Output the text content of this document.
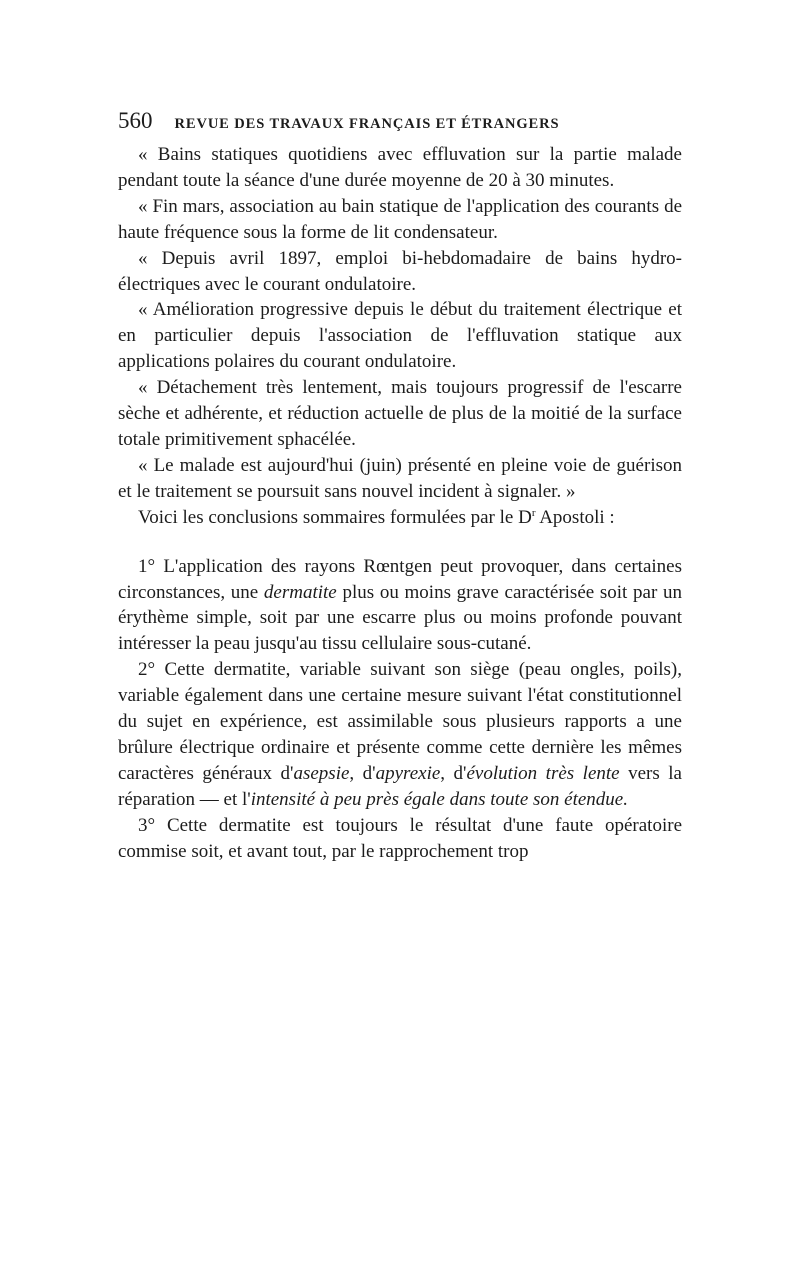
560 REVUE DES TRAVAUX FRANÇAIS ET ÉTRANGERS

« Bains statiques quotidiens avec effluvation sur la partie malade pendant toute la séance d'une durée moyenne de 20 à 30 minutes.

« Fin mars, association au bain statique de l'application des courants de haute fréquence sous la forme de lit condensateur.

« Depuis avril 1897, emploi bi-hebdomadaire de bains hydro-électriques avec le courant ondulatoire.

« Amélioration progressive depuis le début du traitement électrique et en particulier depuis l'association de l'effluvation statique aux applications polaires du courant ondulatoire.

« Détachement très lentement, mais toujours progressif de l'escarre sèche et adhérente, et réduction actuelle de plus de la moitié de la surface totale primitivement sphacélée.

« Le malade est aujourd'hui (juin) présenté en pleine voie de guérison et le traitement se poursuit sans nouvel incident à signaler. »

Voici les conclusions sommaires formulées par le $D^r$ Apostoli :

1° L'application des rayons Rœntgen peut provoquer, dans certaines circonstances, une dermatite plus ou moins grave caractérisée soit par un érythème simple, soit par une escarre plus ou moins profonde pouvant intéresser la peau jusqu'au tissu cellulaire sous-cutané.

2° Cette dermatite, variable suivant son siège (peau ongles, poils), variable également dans une certaine mesure suivant l'état constitutionnel du sujet en expérience, est assimilable sous plusieurs rapports a une brûlure électrique ordinaire et présente comme cette dernière les mêmes caractères généraux d'asepsie, d'apyrexie, d'évolution très lente vers la réparation — et l'intensité à peu près égale dans toute son étendue.

3° Cette dermatite est toujours le résultat d'une faute opératoire commise soit, et avant tout, par le rapprochement trop
